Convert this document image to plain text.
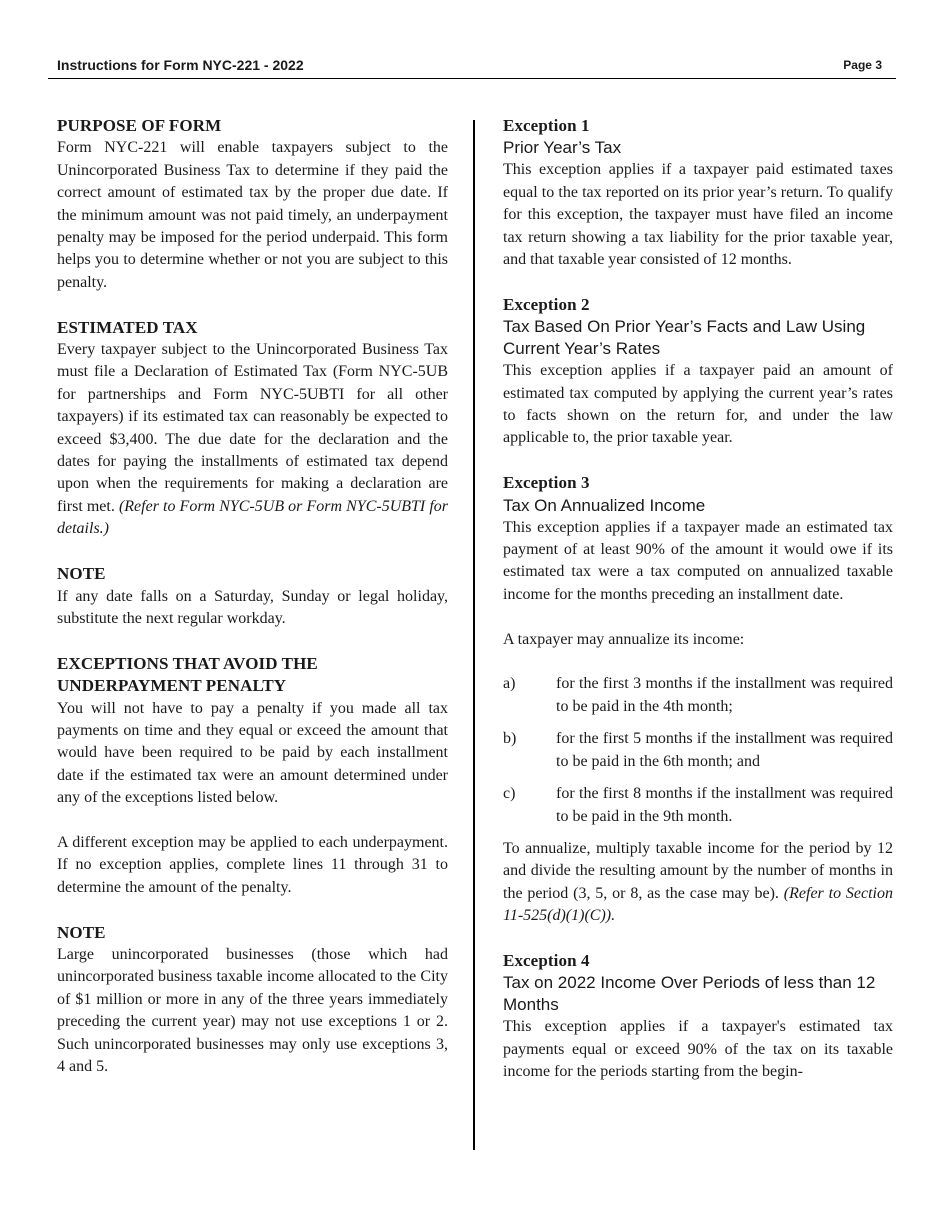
Instructions for Form NYC-221 - 2022	Page 3
PURPOSE OF FORM

Form NYC-221 will enable taxpayers subject to the Unincorporated Business Tax to determine if they paid the correct amount of estimated tax by the proper due date. If the minimum amount was not paid timely, an underpayment penalty may be imposed for the period underpaid. This form helps you to determine whether or not you are subject to this penalty.

ESTIMATED TAX

Every taxpayer subject to the Unincorporated Business Tax must file a Declaration of Estimated Tax (Form NYC-5UB for partnerships and Form NYC-5UBTI for all other taxpayers) if its estimated tax can reasonably be expected to exceed $3,400. The due date for the declaration and the dates for paying the installments of estimated tax depend upon when the requirements for making a declaration are first met. (Refer to Form NYC-5UB or Form NYC-5UBTI for details.)

NOTE

If any date falls on a Saturday, Sunday or legal holiday, substitute the next regular workday.

EXCEPTIONS THAT AVOID THE UNDERPAYMENT PENALTY

You will not have to pay a penalty if you made all tax payments on time and they equal or exceed the amount that would have been required to be paid by each installment date if the estimated tax were an amount determined under any of the exceptions listed below.

A different exception may be applied to each underpayment. If no exception applies, complete lines 11 through 31 to determine the amount of the penalty.

NOTE

Large unincorporated businesses (those which had unincorporated business taxable income allocated to the City of $1 million or more in any of the three years immediately preceding the current year) may not use exceptions 1 or 2. Such unincorporated businesses may only use exceptions 3, 4 and 5.

Exception 1
Prior Year’s Tax

This exception applies if a taxpayer paid estimated taxes equal to the tax reported on its prior year’s return. To qualify for this exception, the taxpayer must have filed an income tax return showing a tax liability for the prior taxable year, and that taxable year consisted of 12 months.

Exception 2
Tax Based On Prior Year’s Facts and Law Using Current Year’s Rates

This exception applies if a taxpayer paid an amount of estimated tax computed by applying the current year’s rates to facts shown on the return for, and under the law applicable to, the prior taxable year.

Exception 3
Tax On Annualized Income

This exception applies if a taxpayer made an estimated tax payment of at least 90% of the amount it would owe if its estimated tax were a tax computed on annualized taxable income for the months preceding an installment date.

A taxpayer may annualize its income:

a)	for the first 3 months if the installment was required to be paid in the 4th month;
b)	for the first 5 months if the installment was required to be paid in the 6th month; and
c)	for the first 8 months if the installment was required to be paid in the 9th month.

To annualize, multiply taxable income for the period by 12 and divide the resulting amount by the number of months in the period (3, 5, or 8, as the case may be). (Refer to Section 11-525(d)(1)(C)).

Exception 4
Tax on 2022 Income Over Periods of less than 12 Months

This exception applies if a taxpayer's estimated tax payments equal or exceed 90% of the tax on its taxable income for the periods starting from the begin-
